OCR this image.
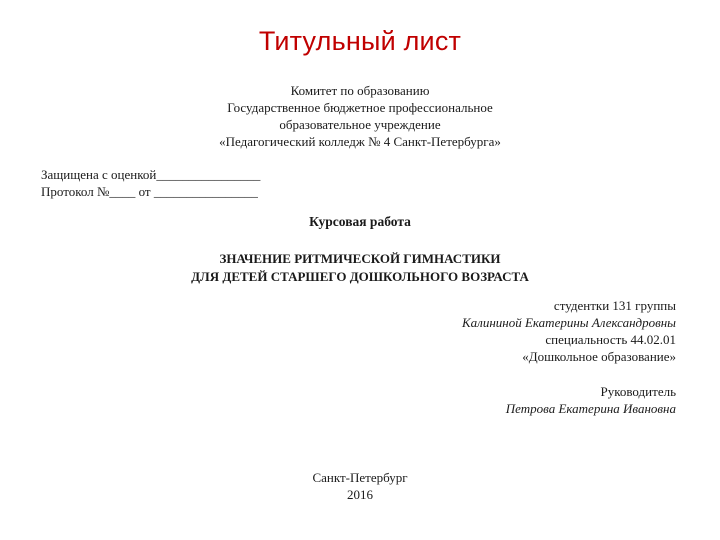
Титульный лист
Комитет по образованию
Государственное бюджетное профессиональное
образовательное учреждение
«Педагогический колледж № 4 Санкт-Петербурга»
Защищена с оценкой________________
Протокол №____ от ________________
Курсовая работа
ЗНАЧЕНИЕ РИТМИЧЕСКОЙ ГИМНАСТИКИ
ДЛЯ ДЕТЕЙ СТАРШЕГО ДОШКОЛЬНОГО ВОЗРАСТА
студентки 131 группы
Калининой Екатерины Александровны
специальность 44.02.01
«Дошкольное образование»
Руководитель
Петрова Екатерина Ивановна
Санкт-Петербург
2016
